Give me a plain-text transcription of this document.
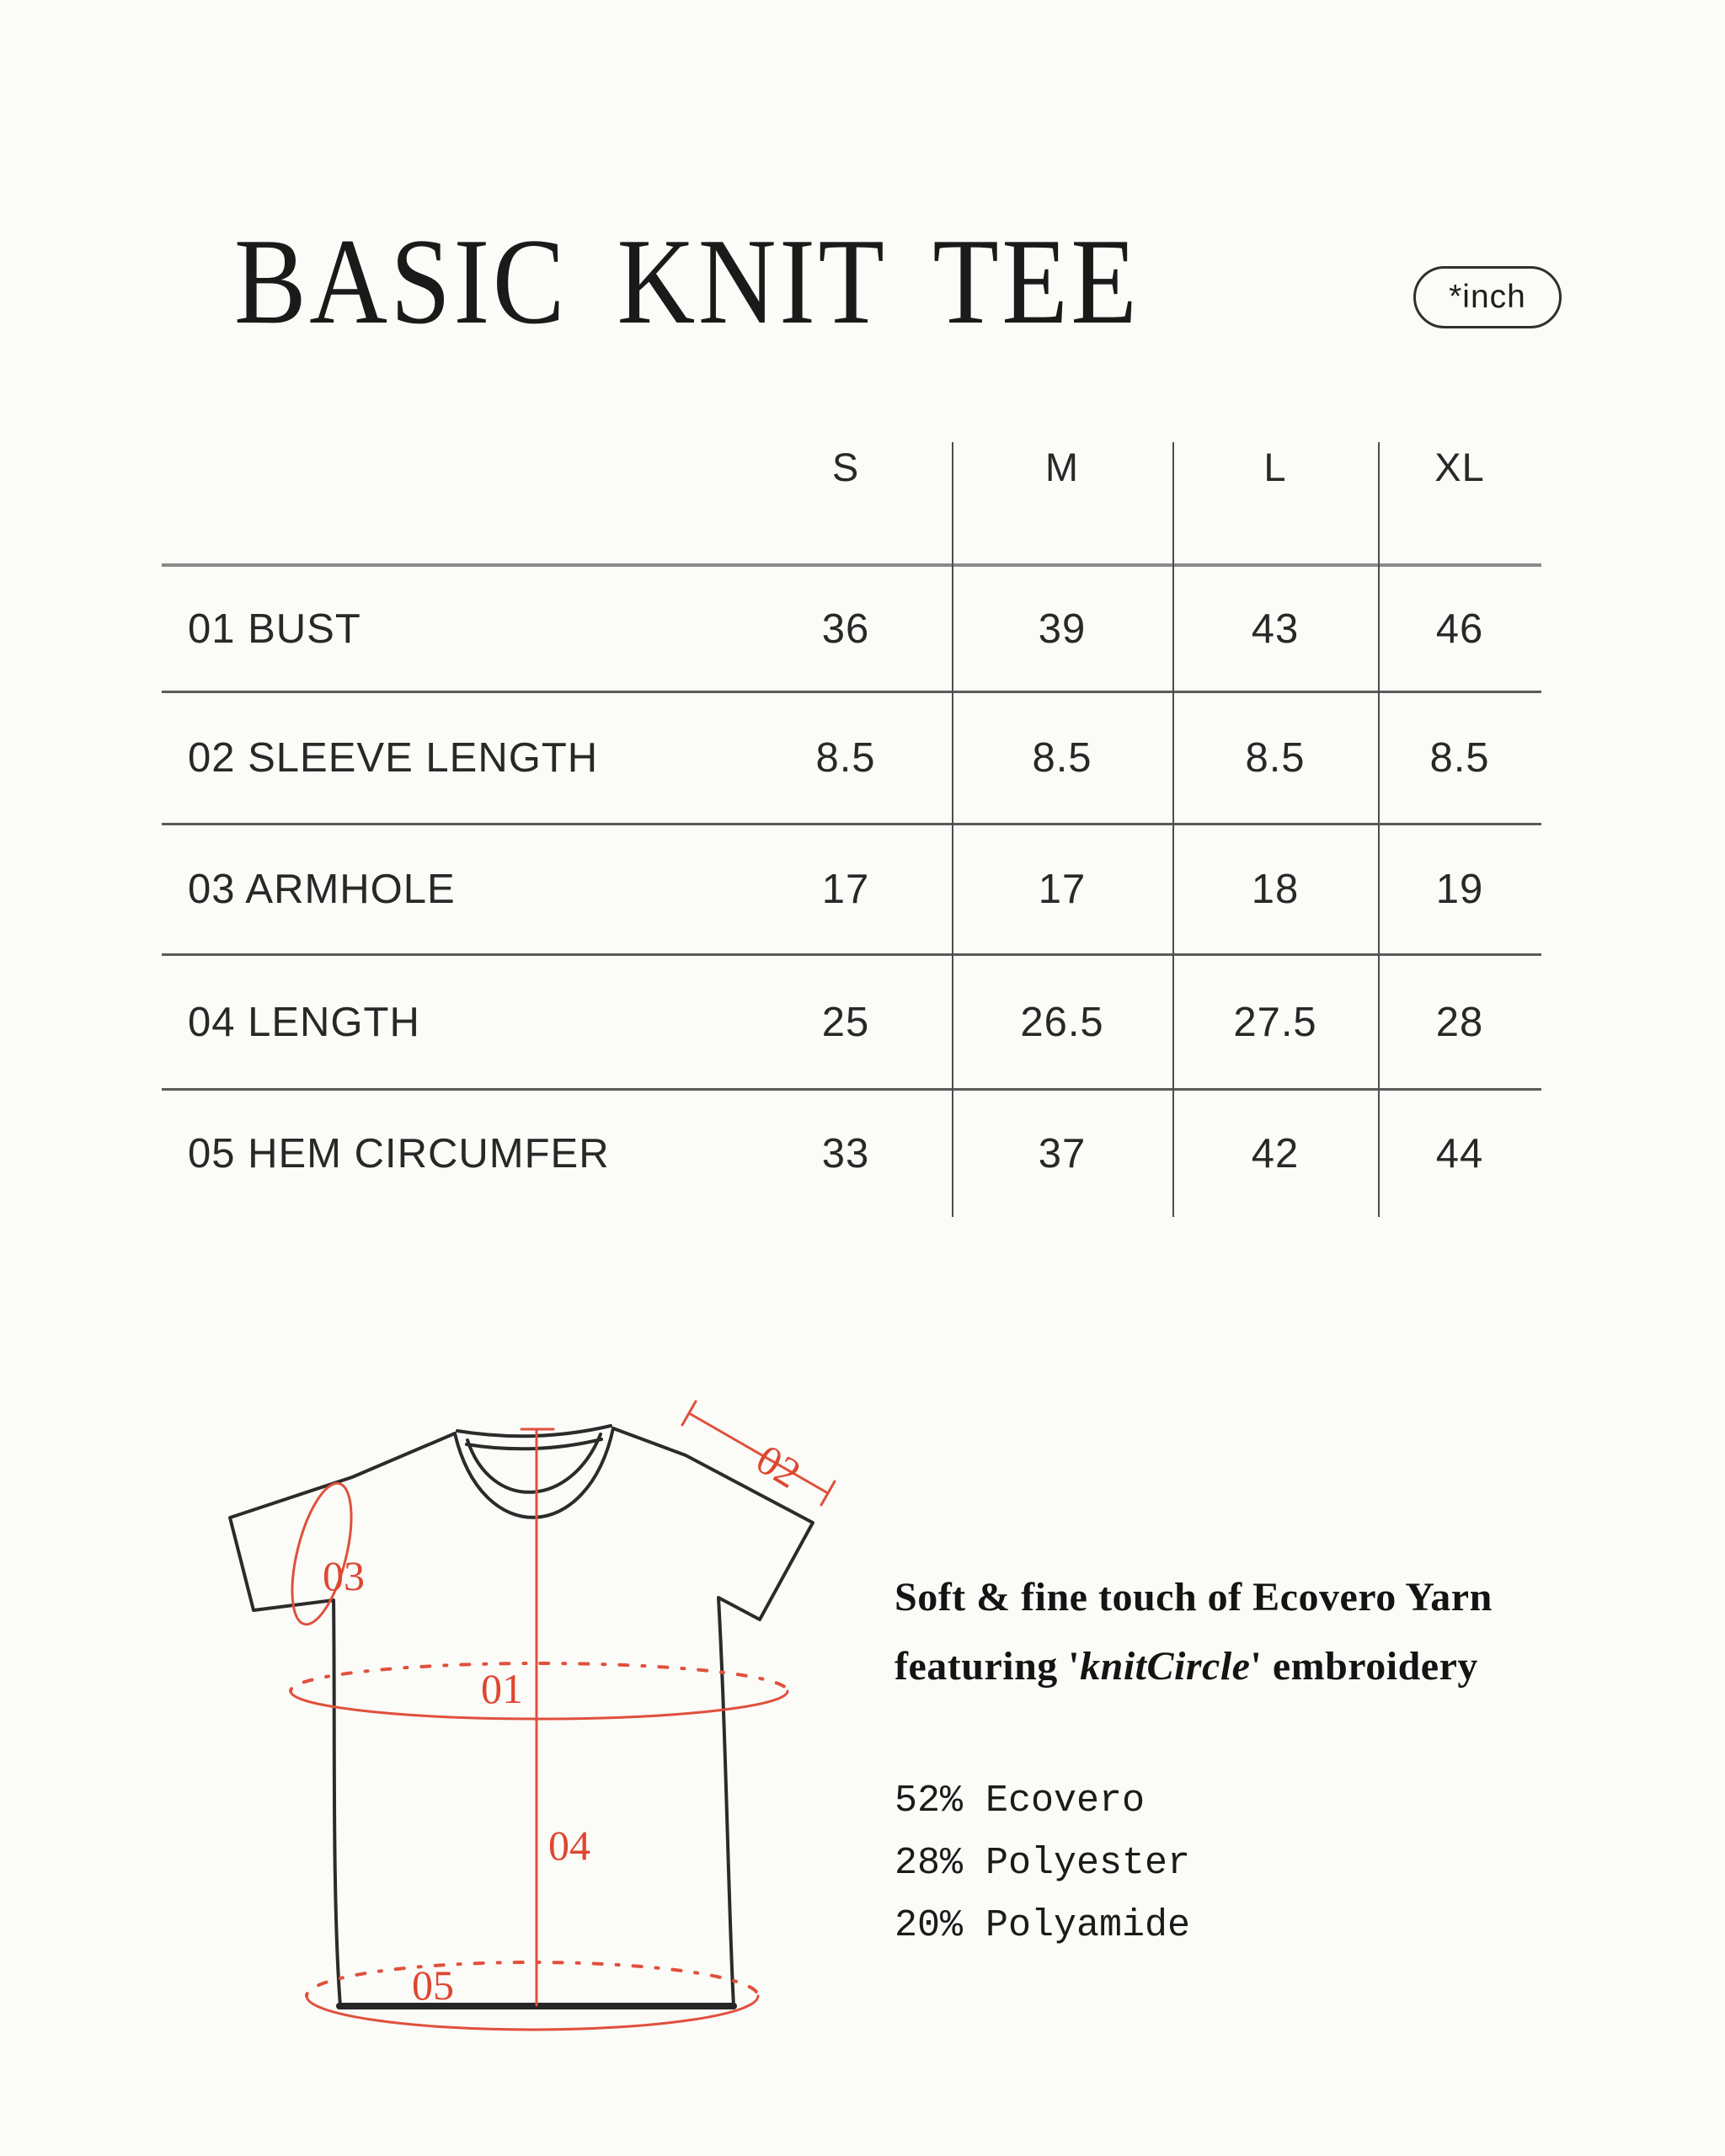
BASIC KNIT TEE	*inch
S	M	L	XL
01 BUST	36	39	43	46
02 SLEEVE LENGTH	8.5	8.5	8.5	8.5
03 ARMHOLE	17	17	18	19
04 LENGTH	25	26.5	27.5	28
05 HEM CIRCUMFER	33	37	42	44
01
02
03
04
05
Soft & fine touch of Ecovero Yarn
featuring 'knitCircle' embroidery
52% Ecovero
28% Polyester
20% Polyamide
